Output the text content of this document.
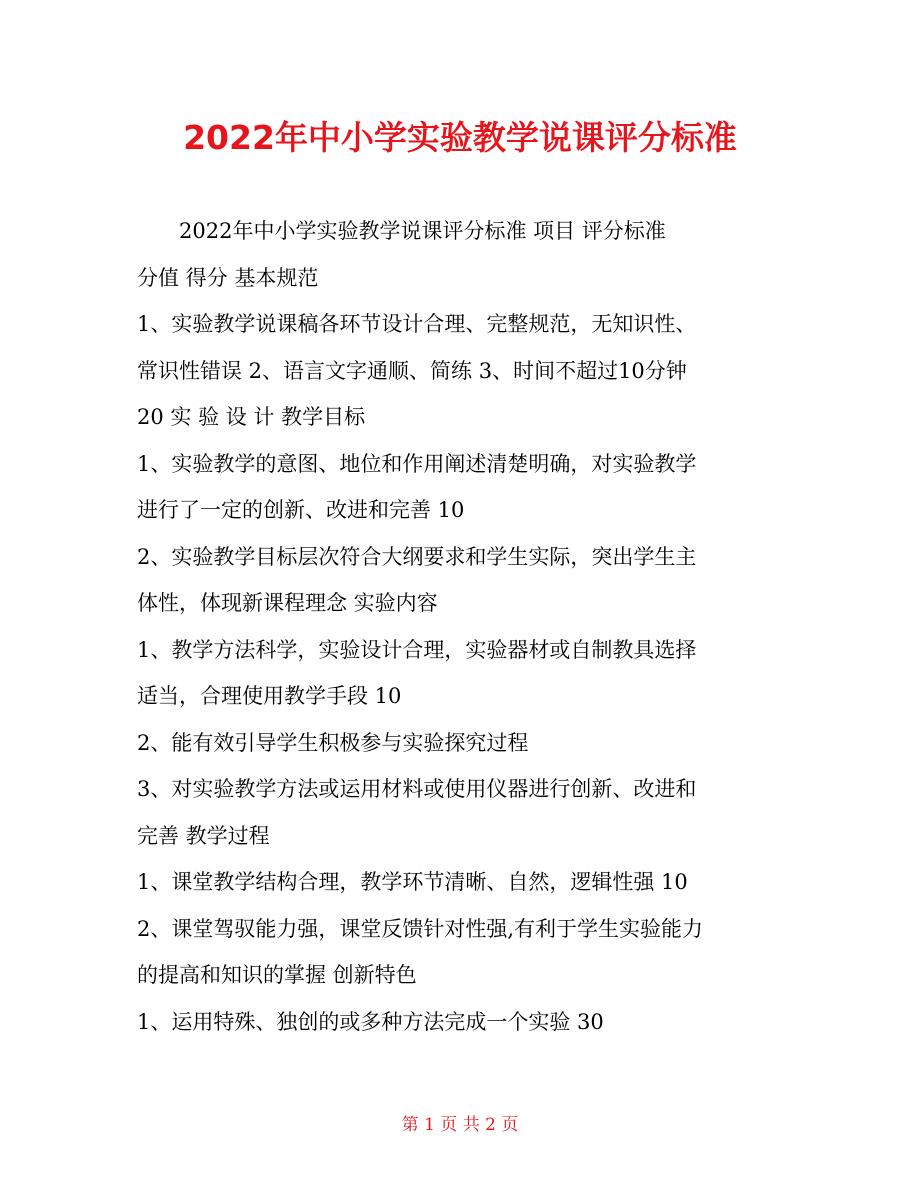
2022年中小学实验教学说课评分标准
2022年中小学实验教学说课评分标准 项目 评分标准
分值 得分 基本规范
1、实验教学说课稿各环节设计合理、完整规范，无知识性、
常识性错误 2、语言文字通顺、简练 3、时间不超过10分钟
20 实 验 设 计 教学目标
1、实验教学的意图、地位和作用阐述清楚明确，对实验教学
进行了一定的创新、改进和完善 10
2、实验教学目标层次符合大纲要求和学生实际，突出学生主
体性，体现新课程理念 实验内容
1、教学方法科学，实验设计合理，实验器材或自制教具选择
适当，合理使用教学手段 10
2、能有效引导学生积极参与实验探究过程
3、对实验教学方法或运用材料或使用仪器进行创新、改进和
完善 教学过程
1、课堂教学结构合理，教学环节清晰、自然，逻辑性强 10
2、课堂驾驭能力强，课堂反馈针对性强,有利于学生实验能力
的提高和知识的掌握 创新特色
1、运用特殊、独创的或多种方法完成一个实验 30
第 1 页 共 2 页
